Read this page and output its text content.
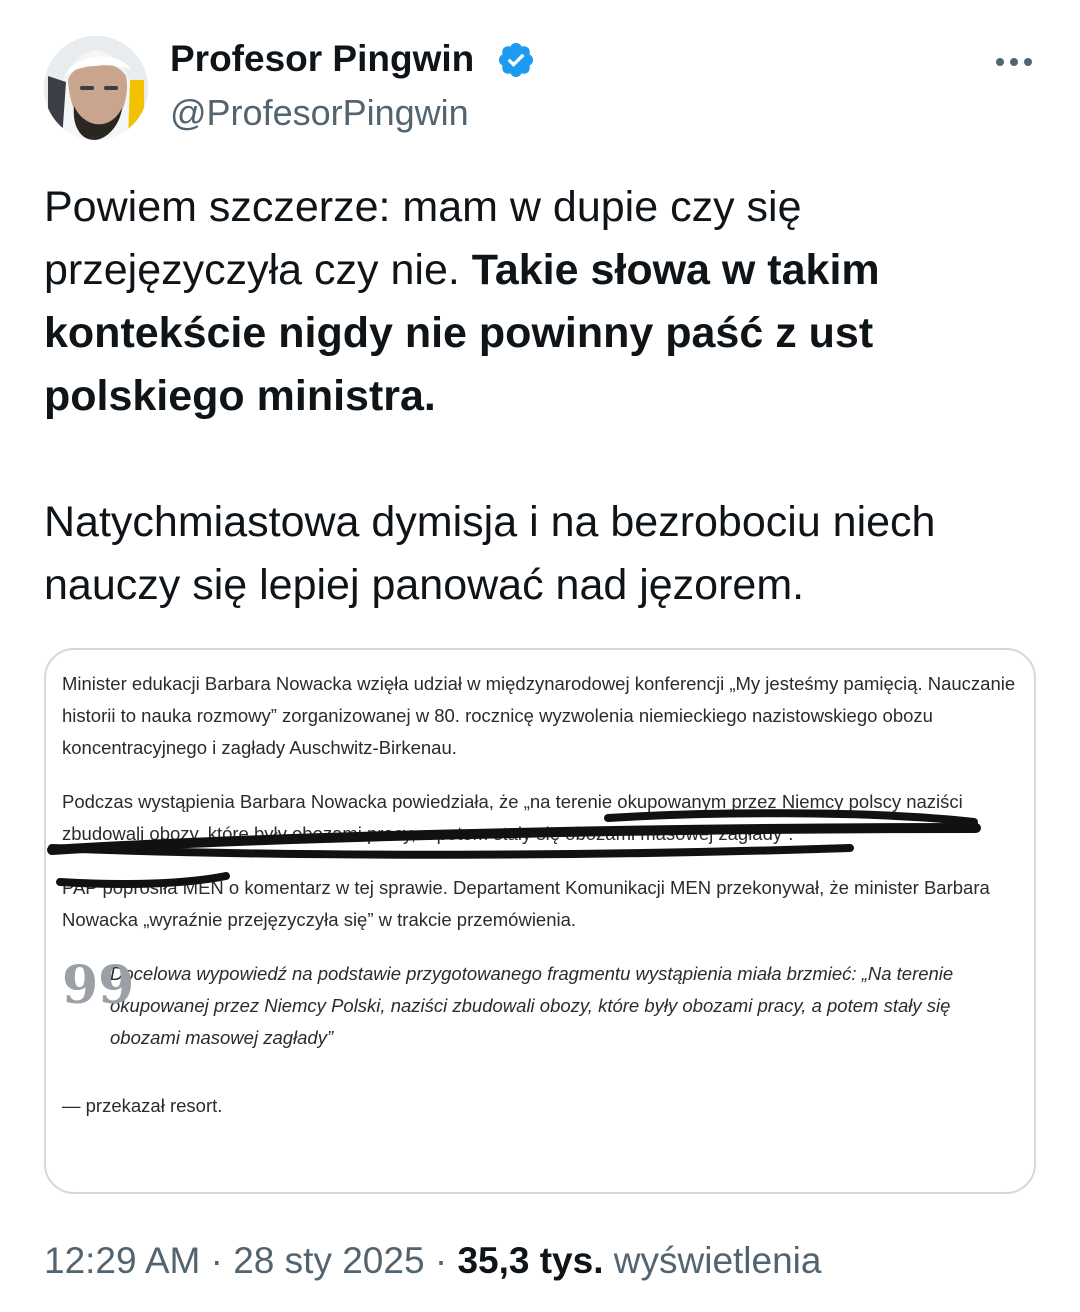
Profesor Pingwin
@ProfesorPingwin

Powiem szczerze: mam w dupie czy się przejęzyczyła czy nie. Takie słowa w takim kontekście nigdy nie powinny paść z ust polskiego ministra.

Natychmiastowa dymisja i na bezrobociu niech nauczy się lepiej panować nad jęzorem.

Minister edukacji Barbara Nowacka wzięła udział w międzynarodowej konferencji „My jesteśmy pamięcią. Nauczanie historii to nauka rozmowy” zorganizowanej w 80. rocznicę wyzwolenia niemieckiego nazistowskiego obozu koncentracyjnego i zagłady Auschwitz-Birkenau.

Podczas wystąpienia Barbara Nowacka powiedziała, że „na terenie okupowanym przez Niemcy polscy naziści zbudowali obozy, które były obozami pracy, a potem stały się obozami masowej zagłady”.

PAP poprosiła MEN o komentarz w tej sprawie. Departament Komunikacji MEN przekonywał, że minister Barbara Nowacka „wyraźnie przejęzyczyła się” w trakcie przemówienia.

99
Docelowa wypowiedź na podstawie przygotowanego fragmentu wystąpienia miała brzmieć: „Na terenie okupowanej przez Niemcy Polski, naziści zbudowali obozy, które były obozami pracy, a potem stały się obozami masowej zagłady”

— przekazał resort.

12:29 AM · 28 sty 2025 · 35,3 tys. wyświetlenia
